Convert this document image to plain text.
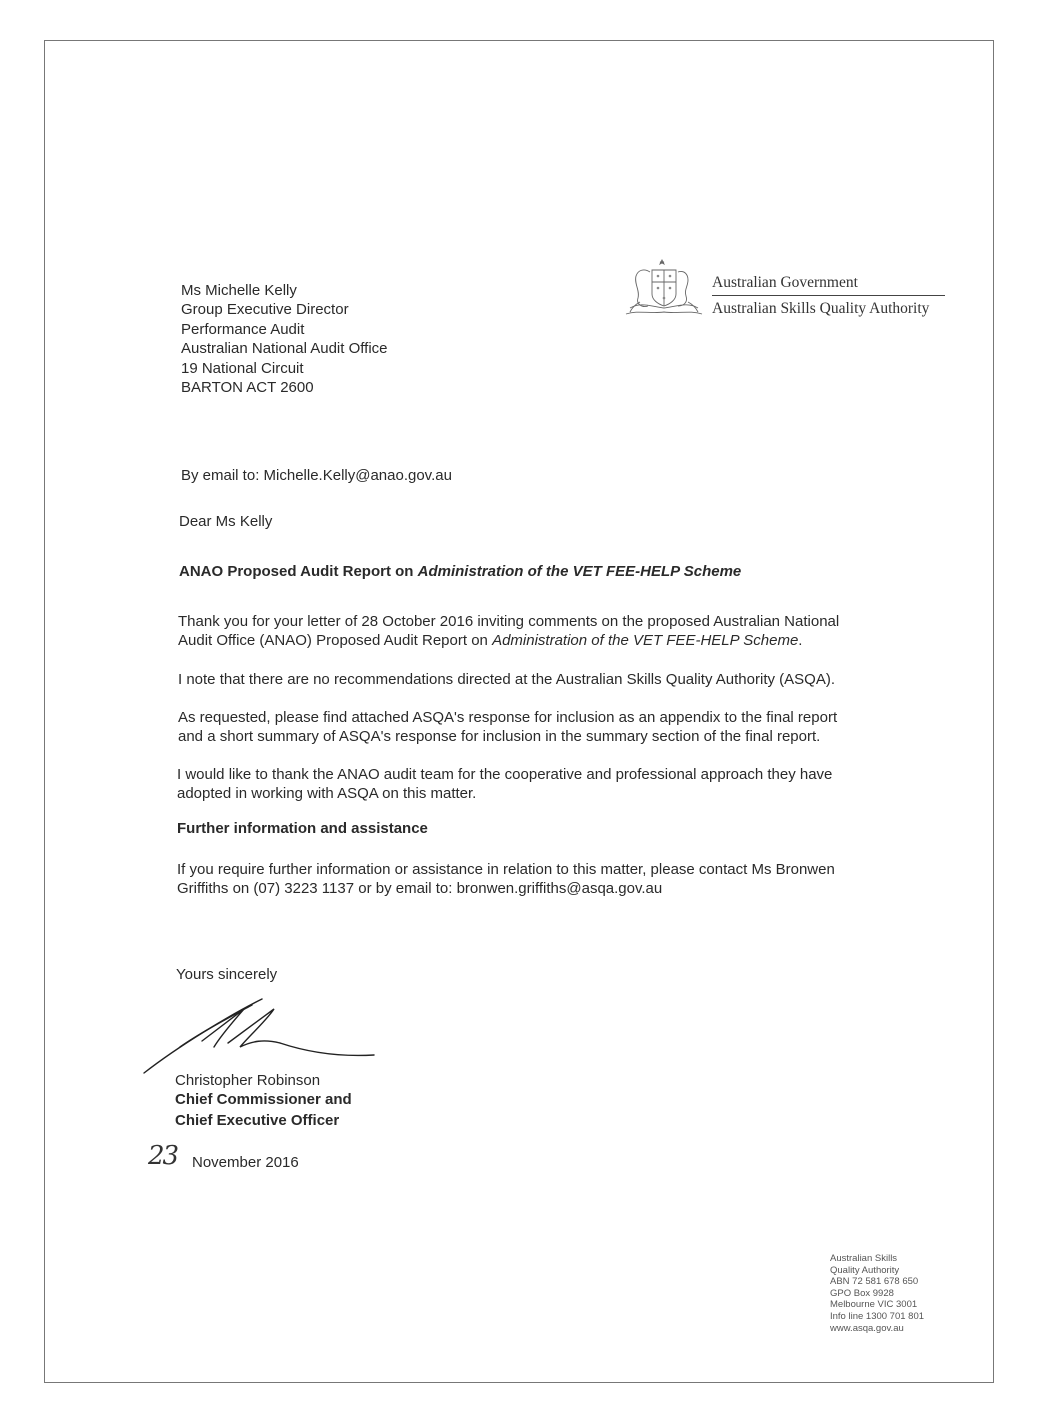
Australian Government
Australian Skills Quality Authority
Ms Michelle Kelly
Group Executive Director
Performance Audit
Australian National Audit Office
19 National Circuit
BARTON ACT 2600
By email to: Michelle.Kelly@anao.gov.au
Dear Ms Kelly
ANAO Proposed Audit Report on Administration of the VET FEE-HELP Scheme
Thank you for your letter of 28 October 2016 inviting comments on the proposed Australian National
Audit Office (ANAO) Proposed Audit Report on Administration of the VET FEE-HELP Scheme.
I note that there are no recommendations directed at the Australian Skills Quality Authority (ASQA).
As requested, please find attached ASQA's response for inclusion as an appendix to the final report
and a short summary of ASQA's response for inclusion in the summary section of the final report.
I would like to thank the ANAO audit team for the cooperative and professional approach they have
adopted in working with ASQA on this matter.
Further information and assistance
If you require further information or assistance in relation to this matter, please contact Ms Bronwen
Griffiths on (07) 3223 1137 or by email to: bronwen.griffiths@asqa.gov.au
Yours sincerely
Christopher Robinson
Chief Commissioner and
Chief Executive Officer
23 November 2016
Australian Skills
Quality Authority
ABN 72 581 678 650
GPO Box 9928
Melbourne VIC 3001
Info line 1300 701 801
www.asqa.gov.au
